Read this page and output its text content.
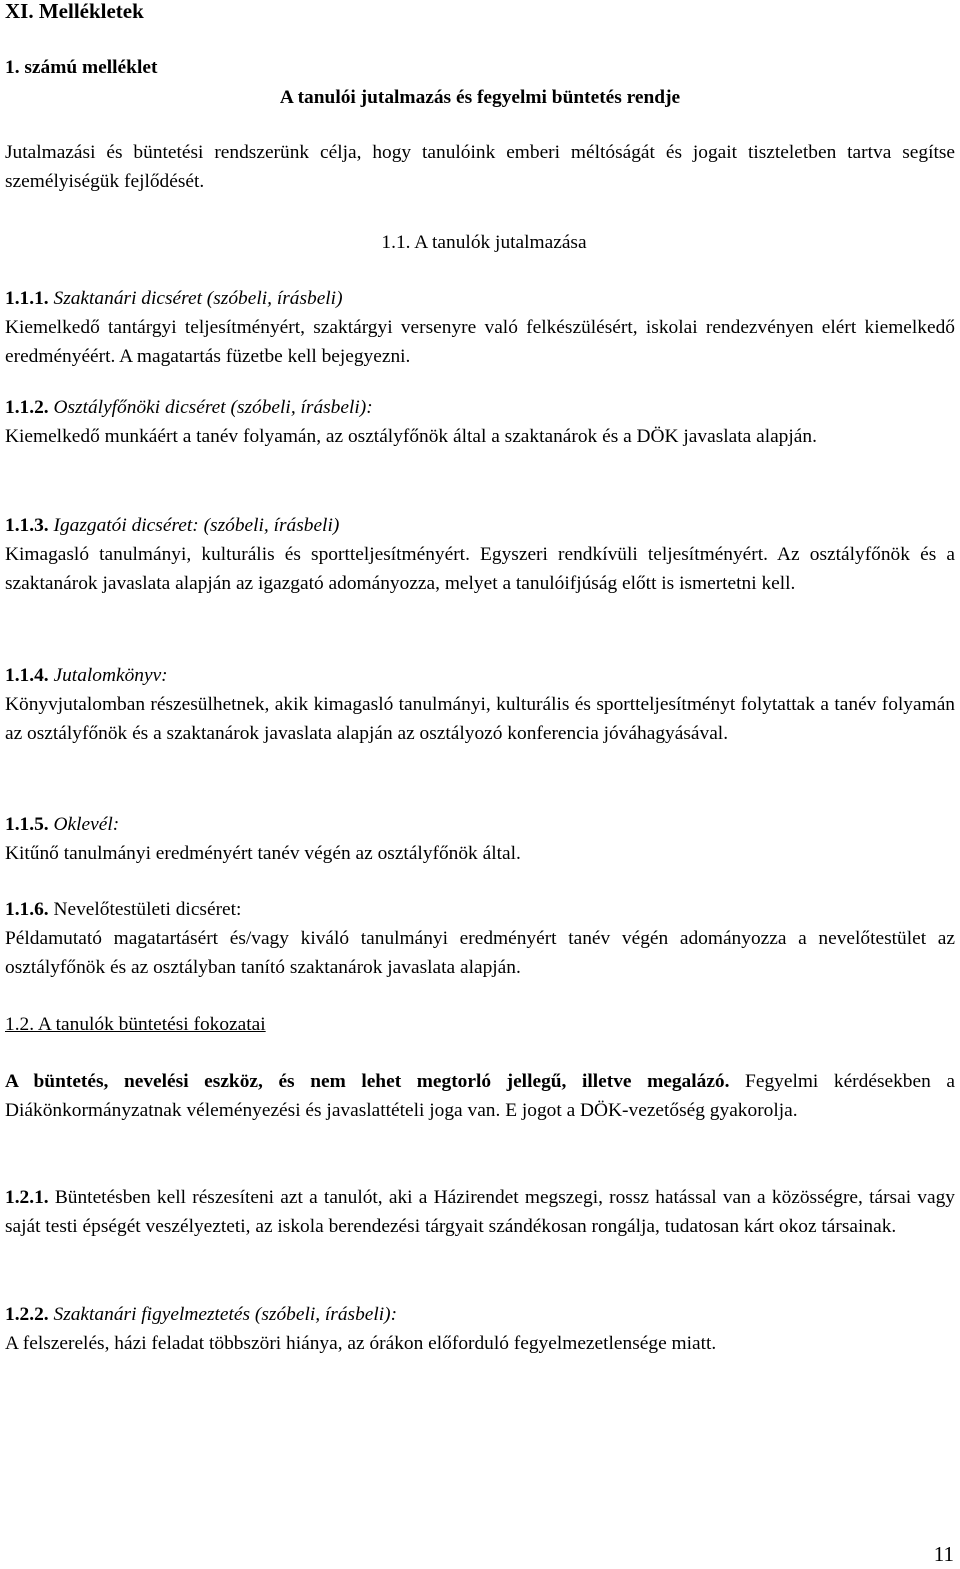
XI. Mellékletek
1. számú melléklet
A tanulói jutalmazás és fegyelmi büntetés rendje

Jutalmazási és büntetési rendszerünk célja, hogy tanulóink emberi méltóságát és jogait tiszteletben tartva segítse személyiségük fejlődését.

1.1. A tanulók jutalmazása
1.1.1. Szaktanári dicséret (szóbeli, írásbeli)
Kiemelkedő tantárgyi teljesítményért, szaktárgyi versenyre való felkészülésért, iskolai rendezvényen elért kiemelkedő eredményéért. A magatartás füzetbe kell bejegyezni.
1.1.2. Osztályfőnöki dicséret (szóbeli, írásbeli):
Kiemelkedő munkáért a tanév folyamán, az osztályfőnök által a szaktanárok és a DÖK javaslata alapján.
1.1.3. Igazgatói dicséret: (szóbeli, írásbeli)
Kimagasló tanulmányi, kulturális és sportteljesítményért. Egyszeri rendkívüli teljesítményért. Az osztályfőnök és a szaktanárok javaslata alapján az igazgató adományozza, melyet a tanulóifjúság előtt is ismertetni kell.
1.1.4. Jutalomkönyv:
Könyvjutalomban részesülhetnek, akik kimagasló tanulmányi, kulturális és sportteljesítményt folytattak a tanév folyamán az osztályfőnök és a szaktanárok javaslata alapján az osztályozó konferencia jóváhagyásával.
1.1.5. Oklevél:
Kitűnő tanulmányi eredményért tanév végén az osztályfőnök által.
1.1.6. Nevelőtestületi dicséret:
Példamutató magatartásért és/vagy kiváló tanulmányi eredményért tanév végén adományozza a nevelőtestület az osztályfőnök és az osztályban tanító szaktanárok javaslata alapján.
1.2. A tanulók büntetési fokozatai

A büntetés, nevelési eszköz, és nem lehet megtorló jellegű, illetve megalázó. Fegyelmi kérdésekben a Diákönkormányzatnak véleményezési és javaslattételi joga van. E jogot a DÖK-vezetőség gyakorolja.

1.2.1. Büntetésben kell részesíteni azt a tanulót, aki a Házirendet megszegi, rossz hatással van a közösségre, társai vagy saját testi épségét veszélyezteti, az iskola berendezési tárgyait szándékosan rongálja, tudatosan kárt okoz társainak.

1.2.2. Szaktanári figyelmeztetés (szóbeli, írásbeli):
A felszerelés, házi feladat többszöri hiánya, az órákon előforduló fegyelmezetlensége miatt.
11
